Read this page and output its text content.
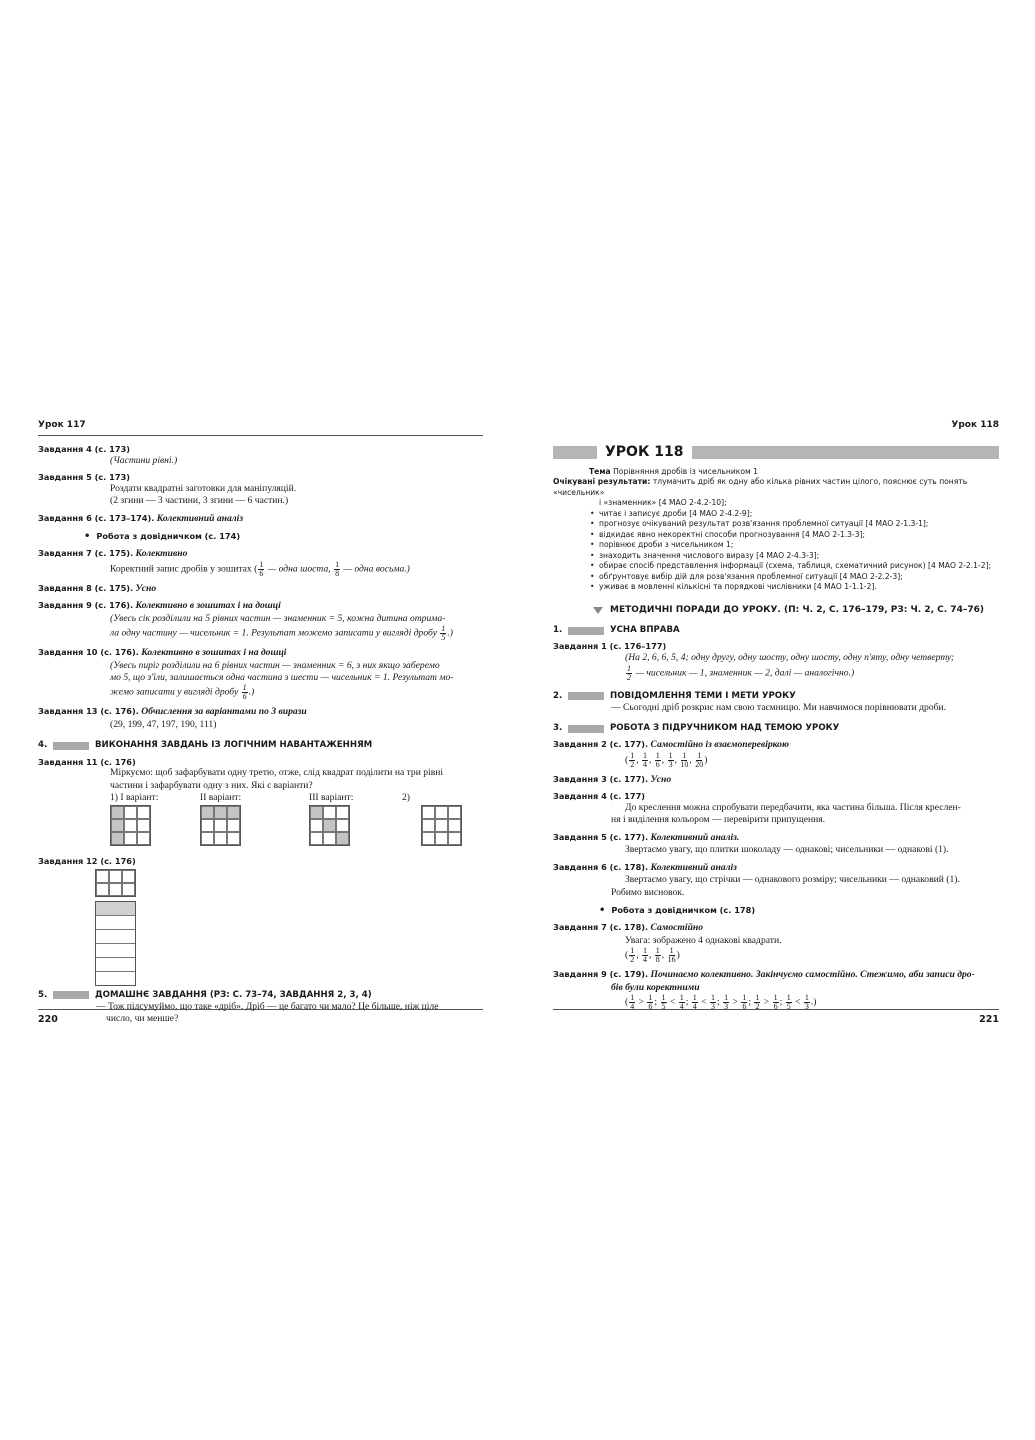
Урок 117
Завдання 4 (с. 173)
(Частини рівні.)
Завдання 5 (с. 173)
Роздати квадратні заготовки для маніпуляцій.
(2 згини — 3 частини, 3 згини — 6 частин.)
Завдання 6 (с. 173–174). Колективний аналіз
• Робота з довідничком (с. 174)
Завдання 7 (с. 175). Колективно
Коректний запис дробів у зошитах ( $\frac{1}{6}$ — одна шоста, $\frac{1}{8}$ — одна восьма.)
Завдання 8 (с. 175). Усно
Завдання 9 (с. 176). Колективно в зошитах і на дошці
(Увесь сік розділили на 5 рівних частин — знаменник = 5, кожна дитина отрима-
ла одну частину — чисельник = 1. Результат можемо записати у вигляді дробу $\frac{1}{5}$ .)
Завдання 10 (с. 176). Колективно в зошитах і на дошці
(Увесь пиріг розділили на 6 рівних частин — знаменник = 6, з них якщо заберемо
мо 5, що з'їли, залишається одна частина з шести — чисельник = 1. Результат мо-
жемо записати у вигляді дробу $\frac{1}{6}$ .)
Завдання 13 (с. 176). Обчислення за варіантами по 3 вирази
(29, 199, 47, 197, 190, 111)
4.	ВИКОНАННЯ ЗАВДАНЬ ІЗ ЛОГІЧНИМ НАВАНТАЖЕННЯМ
Завдання 11 (с. 176)
Міркуємо: щоб зафарбувати одну третю, отже, слід квадрат поділити на три рівні
частини і зафарбувати одну з них. Які є варіанти?
1) І варіант:	ІІ варіант:	ІІІ варіант:	2)
Завдання 12 (с. 176)
5.	ДОМАШНЄ ЗАВДАННЯ (РЗ: С. 73–74, ЗАВДАННЯ 2, 3, 4)
— Тож підсумуймо, що таке «дріб». Дріб — це багато чи мало? Це більше, ніж ціле
число, чи менше?
220
Урок 118
УРОК 118
Тема Порівняння дробів із чисельником 1
Очікувані результати: тлумачить дріб як одну або кілька рівних частин цілого, пояснює суть понять «чисельник»
і «знаменник» [4 МАО 2-4.2-10];
• читає і записує дроби [4 МАО 2-4.2-9];
• прогнозує очікуваний результат розв'язання проблемної ситуації [4 МАО 2-1.3-1];
• відкидає явно некоректні способи прогнозування [4 МАО 2-1.3-3];
• порівнює дроби з чисельником 1;
• знаходить значення числового виразу [4 МАО 2-4.3-3];
• обирає спосіб представлення інформації (схема, таблиця, схематичний рисунок) [4 МАО 2-2.1-2];
• обґрунтовує вибір дій для розв'язання проблемної ситуації [4 МАО 2-2.2-3];
• уживає в мовленні кількісні та порядкові числівники [4 МАО 1-1.1-2].
МЕТОДИЧНІ ПОРАДИ ДО УРОКУ. (П: Ч. 2, С. 176–179, РЗ: Ч. 2, С. 74–76)
1.	УСНА ВПРАВА
Завдання 1 (с. 176–177)
(На 2, 6, 6, 5, 4; одну другу, одну шосту, одну шосту, одну п'яту, одну четверту;
$\frac{1}{2}$ — чисельник — 1, знаменник — 2, далі — аналогічно.)
2.	ПОВІДОМЛЕННЯ ТЕМИ І МЕТИ УРОКУ
— Сьогодні дріб розкриє нам свою таємницю. Ми навчимося порівнювати дроби.
3.	РОБОТА З ПІДРУЧНИКОМ НАД ТЕМОЮ УРОКУ
Завдання 2 (с. 177). Самостійно із взаємоперевіркою
( $\frac{1}{2}$ , $\frac{1}{4}$ , $\frac{1}{6}$ , $\frac{1}{3}$ , $\frac{1}{10}$ , $\frac{1}{20}$ )
Завдання 3 (с. 177). Усно
Завдання 4 (с. 177)
До креслення можна спробувати передбачити, яка частина більша. Після креслен-
ня і виділення кольором — перевірити припущення.
Завдання 5 (с. 177). Колективний аналіз.
Звертаємо увагу, що плитки шоколаду — однакові; чисельники — однакові (1).
Завдання 6 (с. 178). Колективний аналіз
Звертаємо увагу, що стрічки — однакового розміру; чисельники — однаковий (1).
Робимо висновок.
• Робота з довідничком (с. 178)
Завдання 7 (с. 178). Самостійно
Увага: зображено 4 однакові квадрати.
( $\frac{1}{2}$ , $\frac{1}{4}$ , $\frac{1}{8}$ , $\frac{1}{16}$ )
Завдання 9 (с. 179). Починаємо колективно. Закінчуємо самостійно. Стежимо, аби записи дро-
бів були коректними
( $\frac{1}{4} > \frac{1}{6}$ ; $\frac{1}{5} < \frac{1}{4}$ ; $\frac{1}{4} < \frac{1}{3}$ ; $\frac{1}{3} > \frac{1}{6}$ ; $\frac{1}{2} > \frac{1}{6}$ ; $\frac{1}{5} < \frac{1}{3}$ .)
221
